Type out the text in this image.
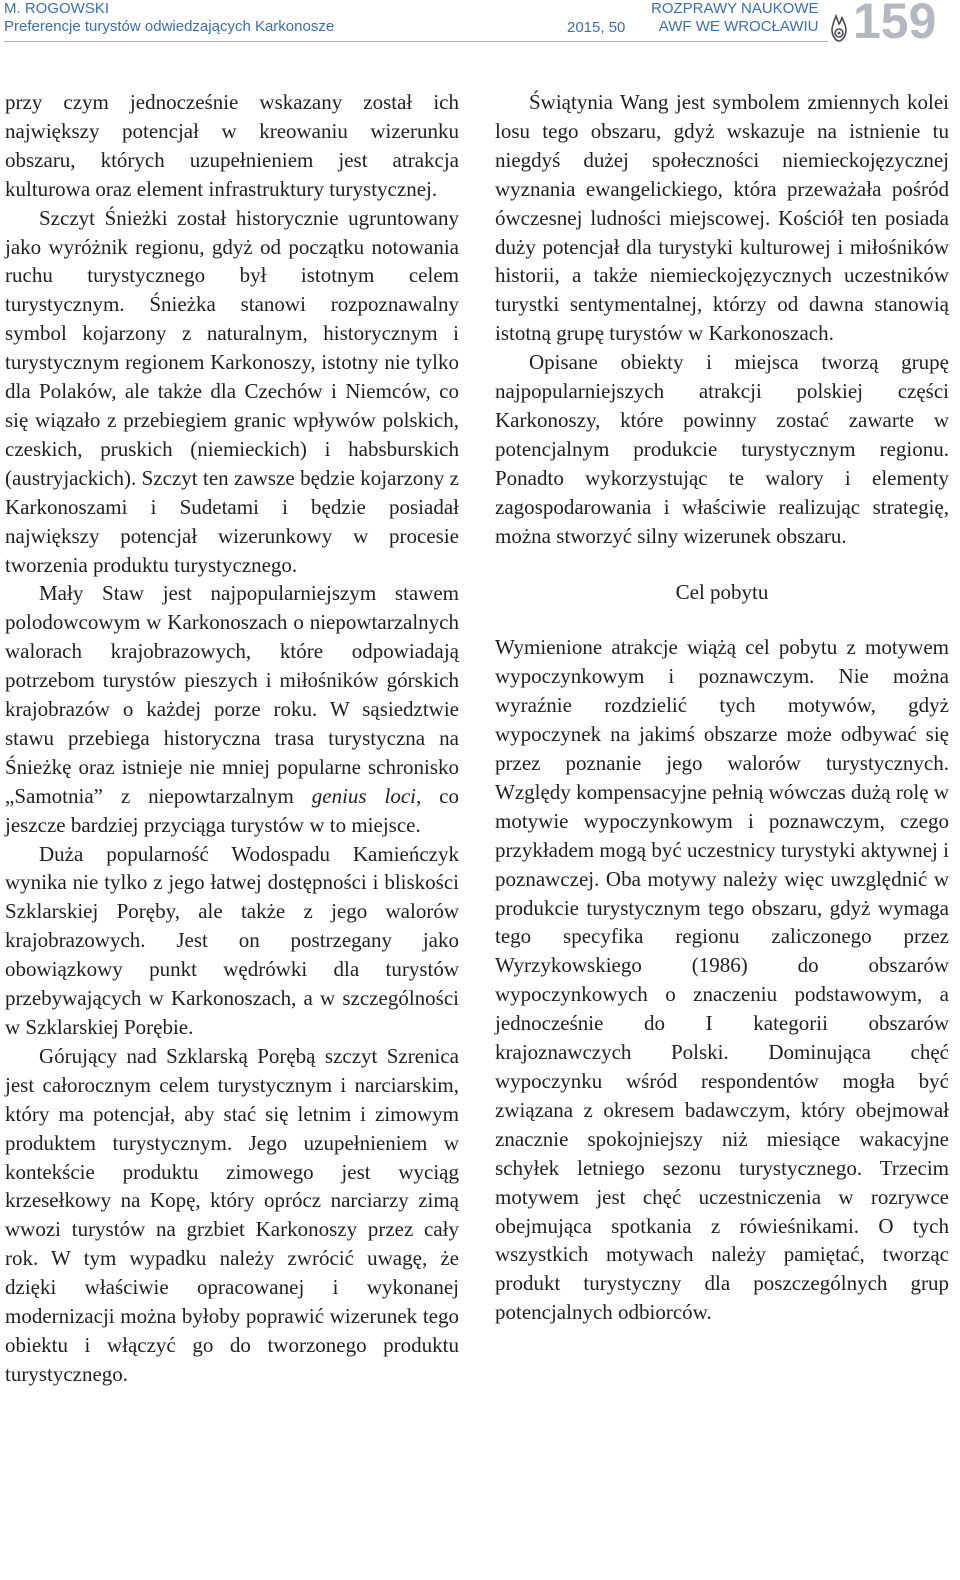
M. ROGOWSKI
Preferencje turystów odwiedzających Karkonosze	2015, 50
ROZPRAWY NAUKOWE
AWF WE WROCŁAWIU 159

przy czym jednocześnie wskazany został ich największy potencjał w kreowaniu wizerunku obszaru, których uzupełnieniem jest atrakcja kulturowa oraz element infrastruktury turystycznej.

Szczyt Śnieżki został historycznie ugruntowany jako wyróżnik regionu, gdyż od początku notowania ruchu turystycznego był istotnym celem turystycznym. Śnieżka stanowi rozpoznawalny symbol kojarzony z naturalnym, historycznym i turystycznym regionem Karkonoszy, istotny nie tylko dla Polaków, ale także dla Czechów i Niemców, co się wiązało z przebiegiem granic wpływów polskich, czeskich, pruskich (niemieckich) i habsburskich (austryjackich). Szczyt ten zawsze będzie kojarzony z Karkonoszami i Sudetami i będzie posiadał największy potencjał wizerunkowy w procesie tworzenia produktu turystycznego.

Mały Staw jest najpopularniejszym stawem polodowcowym w Karkonoszach o niepowtarzalnych walorach krajobrazowych, które odpowiadają potrzebom turystów pieszych i miłośników górskich krajobrazów o każdej porze roku. W sąsiedztwie stawu przebiega historyczna trasa turystyczna na Śnieżkę oraz istnieje nie mniej popularne schronisko „Samotnia” z niepowtarzalnym genius loci, co jeszcze bardziej przyciąga turystów w to miejsce.

Duża popularność Wodospadu Kamieńczyk wynika nie tylko z jego łatwej dostępności i bliskości Szklarskiej Poręby, ale także z jego walorów krajobrazowych. Jest on postrzegany jako obowiązkowy punkt wędrówki dla turystów przebywających w Karkonoszach, a w szczególności w Szklarskiej Porębie.

Górujący nad Szklarską Porębą szczyt Szrenica jest całorocznym celem turystycznym i narciarskim, który ma potencjał, aby stać się letnim i zimowym produktem turystycznym. Jego uzupełnieniem w kontekście produktu zimowego jest wyciąg krzesełkowy na Kopę, który oprócz narciarzy zimą wwozi turystów na grzbiet Karkonoszy przez cały rok. W tym wypadku należy zwrócić uwagę, że dzięki właściwie opracowanej i wykonanej modernizacji można byłoby poprawić wizerunek tego obiektu i włączyć go do tworzonego produktu turystycznego.

Świątynia Wang jest symbolem zmiennych kolei losu tego obszaru, gdyż wskazuje na istnienie tu niegdyś dużej społeczności niemieckojęzycznej wyznania ewangelickiego, która przeważała pośród ówczesnej ludności miejscowej. Kościół ten posiada duży potencjał dla turystyki kulturowej i miłośników historii, a także niemieckojęzycznych uczestników turystki sentymentalnej, którzy od dawna stanowią istotną grupę turystów w Karkonoszach.

Opisane obiekty i miejsca tworzą grupę najpopularniejszych atrakcji polskiej części Karkonoszy, które powinny zostać zawarte w potencjalnym produkcie turystycznym regionu. Ponadto wykorzystując te walory i elementy zagospodarowania i właściwie realizując strategię, można stworzyć silny wizerunek obszaru.

Cel pobytu

Wymienione atrakcje wiążą cel pobytu z motywem wypoczynkowym i poznawczym. Nie można wyraźnie rozdzielić tych motywów, gdyż wypoczynek na jakimś obszarze może odbywać się przez poznanie jego walorów turystycznych. Względy kompensacyjne pełnią wówczas dużą rolę w motywie wypoczynkowym i poznawczym, czego przykładem mogą być uczestnicy turystyki aktywnej i poznawczej. Oba motywy należy więc uwzględnić w produkcie turystycznym tego obszaru, gdyż wymaga tego specyfika regionu zaliczonego przez Wyrzykowskiego (1986) do obszarów wypoczynkowych o znaczeniu podstawowym, a jednocześnie do I kategorii obszarów krajoznawczych Polski. Dominująca chęć wypoczynku wśród respondentów mogła być związana z okresem badawczym, który obejmował znacznie spokojniejszy niż miesiące wakacyjne schyłek letniego sezonu turystycznego. Trzecim motywem jest chęć uczestniczenia w rozrywce obejmująca spotkania z rówieśnikami. O tych wszystkich motywach należy pamiętać, tworząc produkt turystyczny dla poszczególnych grup potencjalnych odbiorców.
